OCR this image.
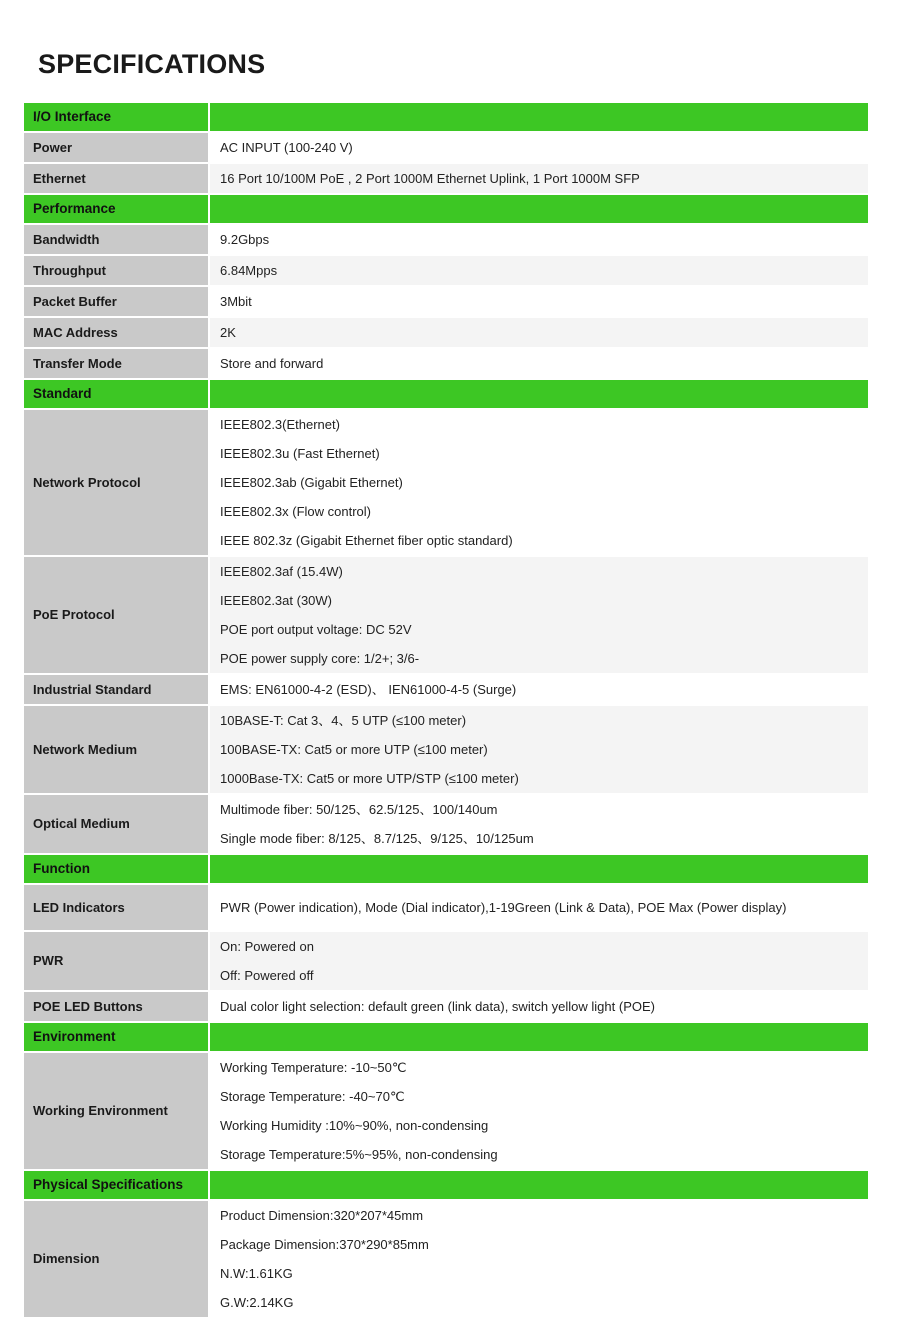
SPECIFICATIONS
I/O Interface	

Power	AC INPUT (100-240 V)

Ethernet	16 Port 10/100M PoE , 2 Port 1000M Ethernet Uplink, 1 Port 1000M SFP

Performance	

Bandwidth	9.2Gbps

Throughput	6.84Mpps

Packet Buffer	3Mbit

MAC Address	2K

Transfer Mode	Store and forward

Standard	

Network Protocol	IEEE802.3(Ethernet)
IEEE802.3u (Fast Ethernet)
IEEE802.3ab (Gigabit Ethernet)
IEEE802.3x (Flow control)
IEEE 802.3z (Gigabit Ethernet fiber optic standard)

PoE Protocol	IEEE802.3af (15.4W)
IEEE802.3at (30W)
POE port output voltage: DC 52V
POE power supply core: 1/2+; 3/6-

Industrial Standard	EMS: EN61000-4-2 (ESD)、 IEN61000-4-5 (Surge)

Network Medium	10BASE-T: Cat 3、4、5 UTP (≤100 meter)
100BASE-TX: Cat5 or more UTP (≤100 meter)
1000Base-TX: Cat5 or more UTP/STP (≤100 meter)

Optical Medium	Multimode fiber: 50/125、62.5/125、100/140um
Single mode fiber: 8/125、8.7/125、9/125、10/125um

Function	

LED Indicators	PWR (Power indication), Mode (Dial indicator),1-19Green (Link & Data), POE Max (Power display)

PWR	On: Powered on
Off: Powered off

POE LED Buttons	Dual color light selection: default green (link data), switch yellow light (POE)

Environment	

Working Environment	Working Temperature: -10~50℃
Storage Temperature: -40~70℃
Working Humidity :10%~90%, non-condensing
Storage Temperature:5%~95%, non-condensing

Physical Specifications	

Dimension	Product Dimension:320*207*45mm
Package Dimension:370*290*85mm
N.W:1.61KG
G.W:2.14KG
